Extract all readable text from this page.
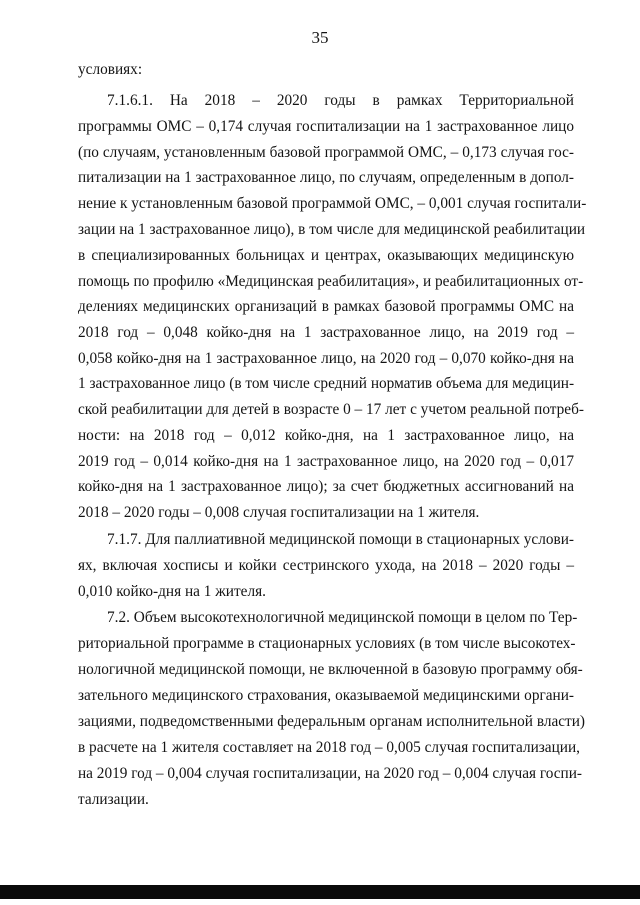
35
условиях:
7.1.6.1. На 2018 – 2020 годы в рамках Территориальной
программы ОМС – 0,174 случая госпитализации на 1 застрахованное лицо
(по случаям, установленным базовой программой ОМС, – 0,173 случая гос-
питализации на 1 застрахованное лицо, по случаям, определенным в допол-
нение к установленным базовой программой ОМС, – 0,001 случая госпитали-
зации на 1 застрахованное лицо), в том числе для медицинской реабилитации
в специализированных больницах и центрах, оказывающих медицинскую
помощь по профилю «Медицинская реабилитация», и реабилитационных от-
делениях медицинских организаций в рамках базовой программы ОМС на
2018 год – 0,048 койко-дня на 1 застрахованное лицо, на 2019 год –
0,058 койко-дня на 1 застрахованное лицо, на 2020 год – 0,070 койко-дня на
1 застрахованное лицо (в том числе средний норматив объема для медицин-
ской реабилитации для детей в возрасте 0 – 17 лет с учетом реальной потреб-
ности: на 2018 год – 0,012 койко-дня, на 1 застрахованное лицо, на
2019 год – 0,014 койко-дня на 1 застрахованное лицо, на 2020 год – 0,017
койко-дня на 1 застрахованное лицо); за счет бюджетных ассигнований на
2018 – 2020 годы – 0,008 случая госпитализации на 1 жителя.
7.1.7. Для паллиативной медицинской помощи в стационарных услови-
ях, включая хосписы и койки сестринского ухода, на 2018 – 2020 годы –
0,010 койко-дня на 1 жителя.
7.2. Объем высокотехнологичной медицинской помощи в целом по Тер-
риториальной программе в стационарных условиях (в том числе высокотех-
нологичной медицинской помощи, не включенной в базовую программу обя-
зательного медицинского страхования, оказываемой медицинскими органи-
зациями, подведомственными федеральным органам исполнительной власти)
в расчете на 1 жителя составляет на 2018 год – 0,005 случая госпитализации,
на 2019 год – 0,004 случая госпитализации, на 2020 год – 0,004 случая госпи-
тализации.
